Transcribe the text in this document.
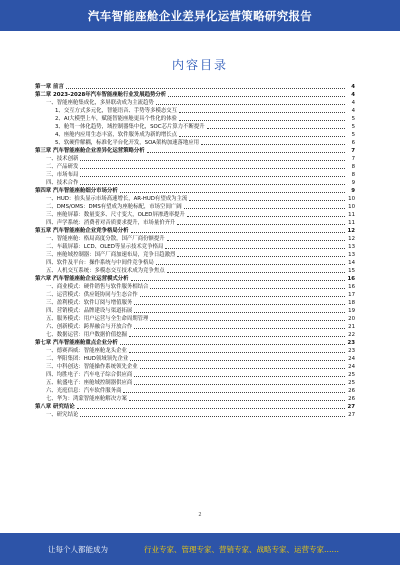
汽车智能座舱企业差异化运营策略研究报告
内容目录
第一章 前言	4
第二章 2023-2028年汽车智能座舱行业发展趋势分析	4
一、智能座舱集成化，多屏联动成为主流趋势	4
1、交互方式多元化，智能语音、手势等多模态交互	4
2、AI大模型上车，赋能智能座舱更具个性化的体验	5
3、舱驾一体化趋势，域控制器集中化，SOC芯片算力不断提升	5
4、座舱内应用生态丰富，软件服务成为新的增长点	5
5、软硬件解耦，标准化平台化开发，SOA架构加速落地应用	6
第三章 汽车智能座舱企业差异化运营策略分析	7
一、技术创新	7
二、产品研发	8
三、市场布局	8
四、技术合作	9
第四章 汽车智能座舱细分市场分析	9
一、HUD：抬头显示市场高速增长，AR-HUD有望成为主流	10
二、DMS/OMS：DMS有望成为座舱标配，市场空间广阔	10
三、座舱屏幕：数量变多、尺寸变大，OLED屏渗透率提升	11
四、声学系统：消费者对音质要求提升，市场量价齐升	11
第五章 汽车智能座舱企业竞争格局分析	12
一、智能座舱：格局高度分散，国产厂商份额提升	12
二、车载屏幕：LCD、OLED等显示技术竞争格局	13
三、座舱域控制器：国产厂商加速布局，竞争日趋激烈	13
四、软件及平台：操作系统与中间件竞争格局	14
五、人机交互系统：多模态交互技术成为竞争焦点	15
第六章 汽车智能座舱企业运营模式分析	16
一、商业模式：硬件销售与软件服务相结合	16
二、运营模式：供应链协同与生态合作	17
三、盈利模式：软件订阅与增值服务	18
四、营销模式：品牌建设与渠道拓展	19
五、服务模式：用户运营与全生命周期管理	20
六、创新模式：跨界融合与开放合作	21
七、数据运营：用户数据价值挖掘	22
第七章 汽车智能座舱重点企业分析	23
一、德赛西威：智能座舱龙头企业	23
二、华阳集团：HUD领域领先企业	24
三、中科创达：智能操作系统领先企业	24
四、均胜电子：汽车电子综合供应商	25
五、航盛电子：座舱域控制器供应商	25
六、光庭信息：汽车软件服务商	26
七、华为：鸿蒙智能座舱解决方案	26
第八章 研究结论	27
一、研究结论	27
2
让每个人都能成为	行业专家、管理专家、营销专家、战略专家、运营专家……
